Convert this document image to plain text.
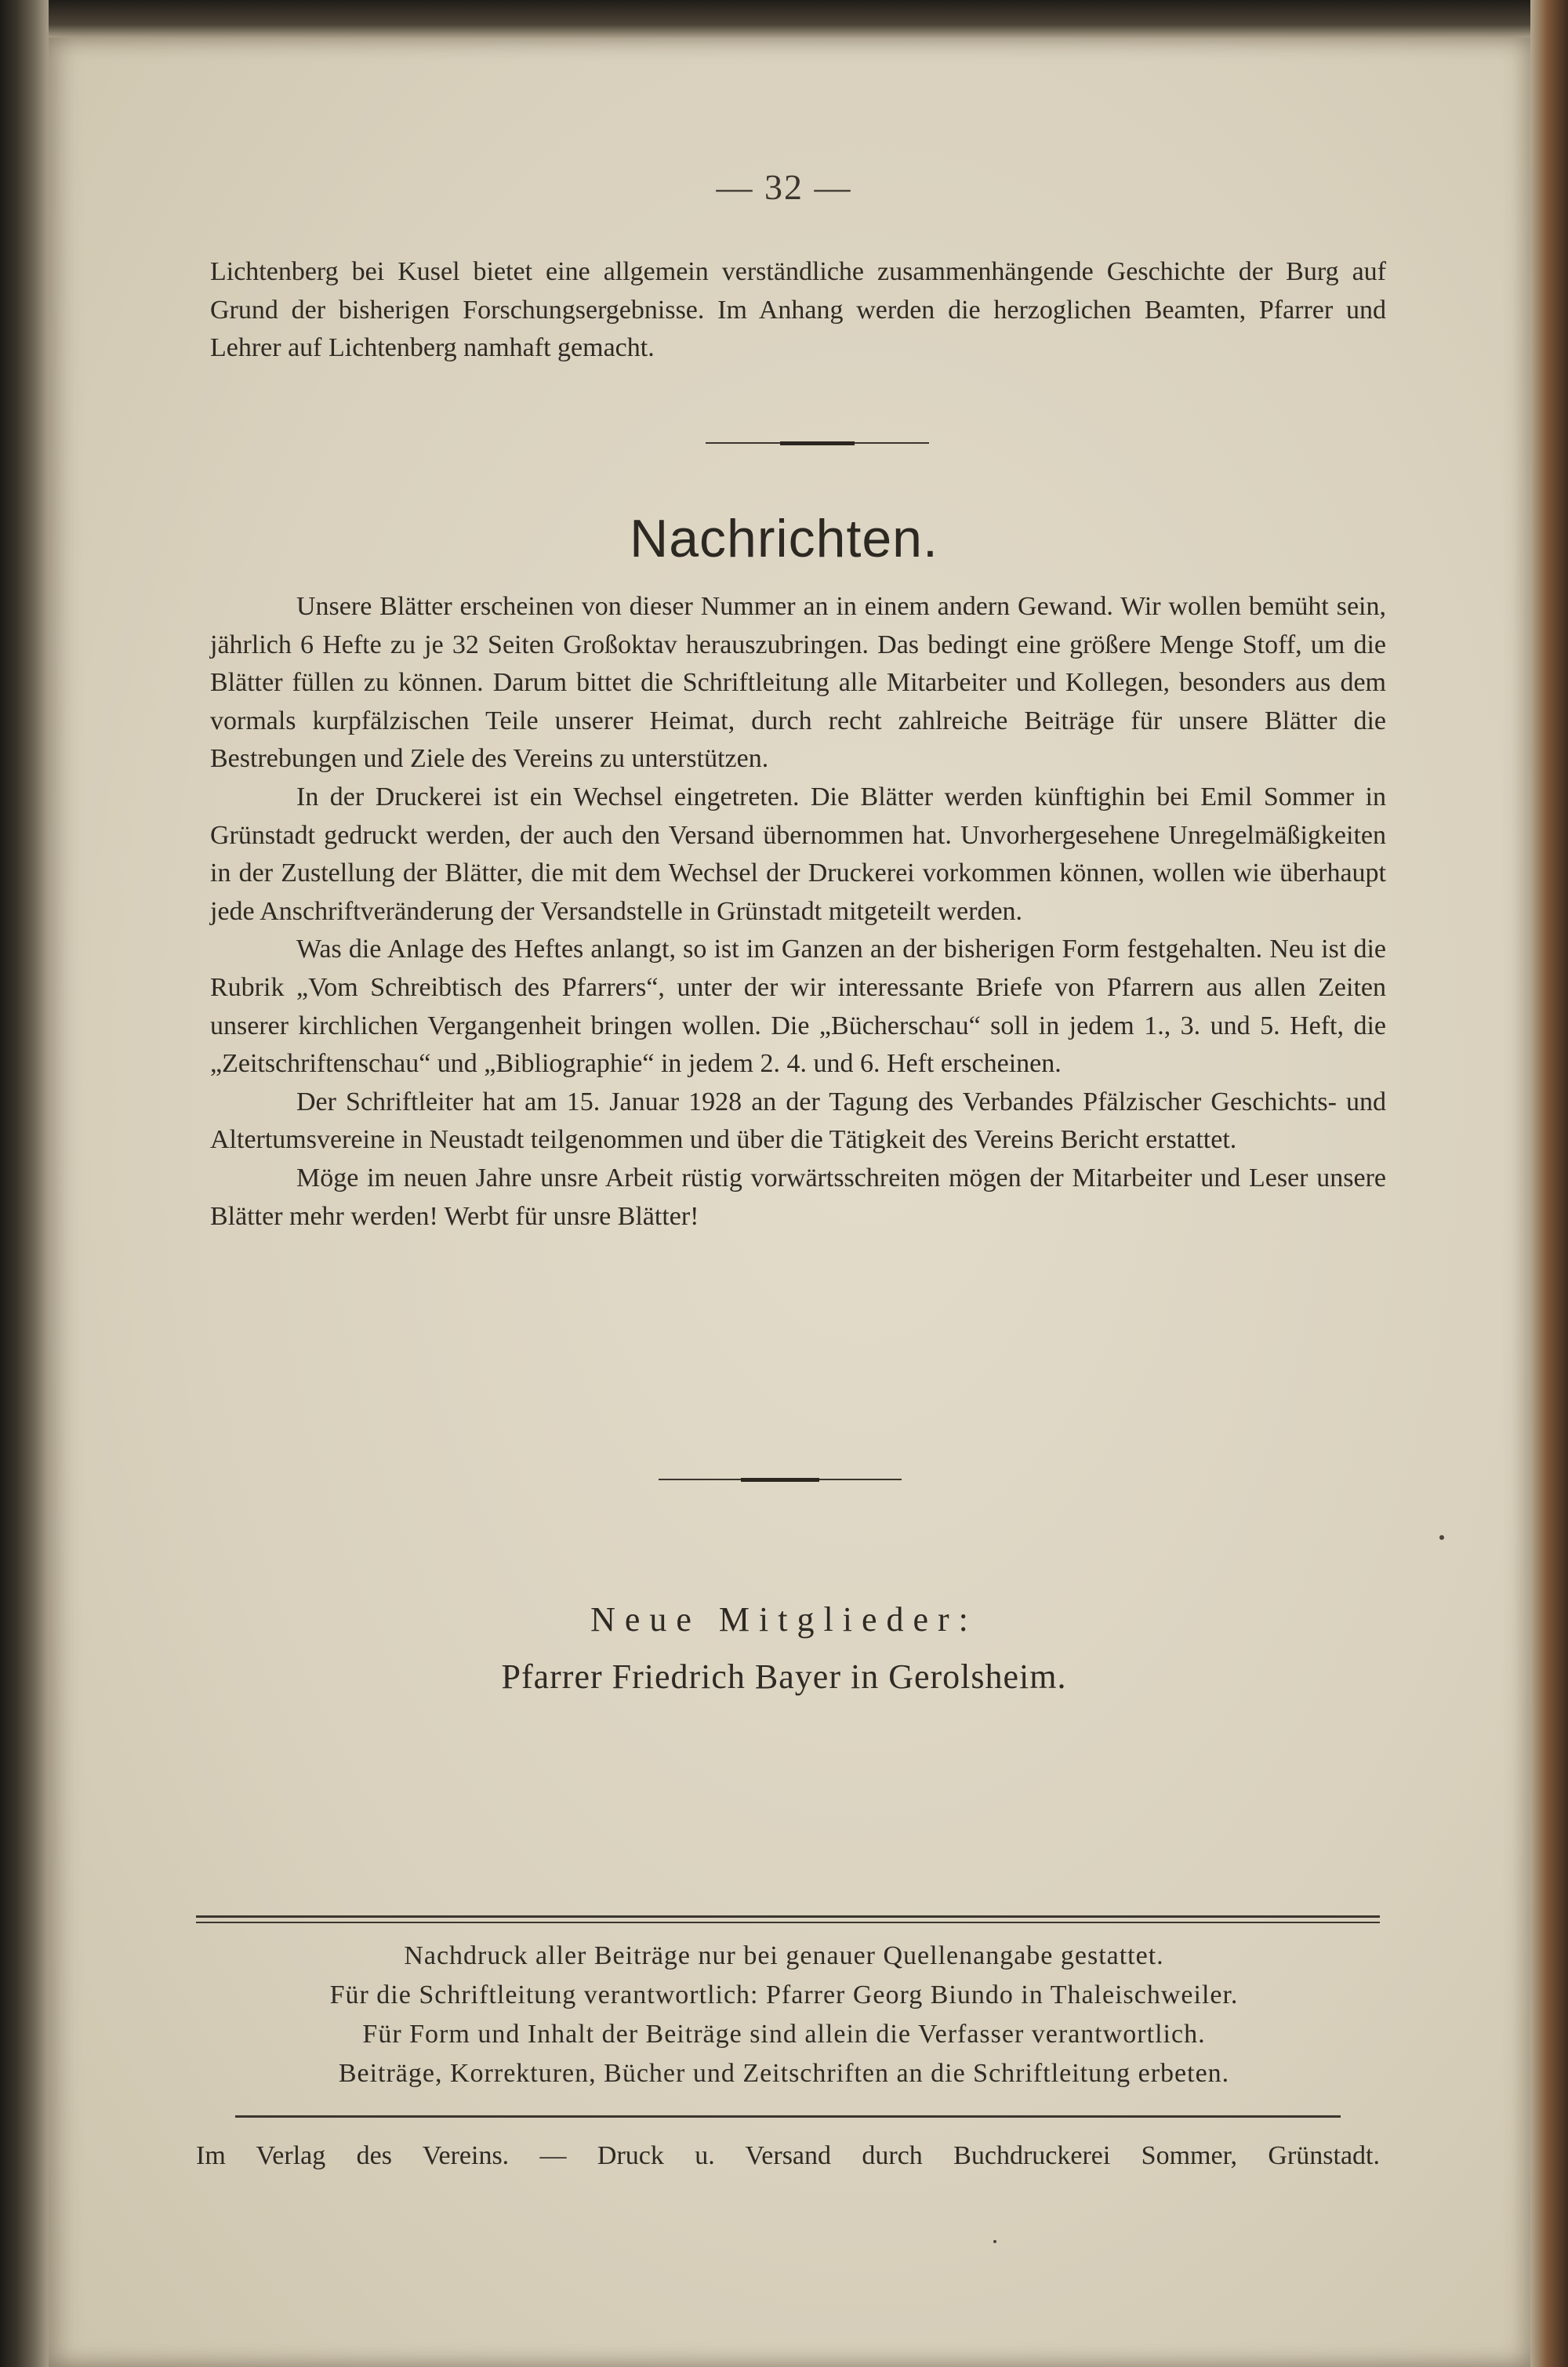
— 32 —

Lichtenberg bei Kusel bietet eine allgemein verständliche zusammenhängende Geschichte der Burg auf Grund der bisherigen Forschungsergebnisse. Im Anhang werden die herzoglichen Beamten, Pfarrer und Lehrer auf Lichtenberg namhaft gemacht.

Nachrichten.

Unsere Blätter erscheinen von dieser Nummer an in einem andern Gewand. Wir wollen bemüht sein, jährlich 6 Hefte zu je 32 Seiten Großoktav herauszubringen. Das bedingt eine größere Menge Stoff, um die Blätter füllen zu können. Darum bittet die Schriftleitung alle Mitarbeiter und Kollegen, besonders aus dem vormals kurpfälzischen Teile unserer Heimat, durch recht zahlreiche Beiträge für unsere Blätter die Bestrebungen und Ziele des Vereins zu unterstützen.

In der Druckerei ist ein Wechsel eingetreten. Die Blätter werden künftighin bei Emil Sommer in Grünstadt gedruckt werden, der auch den Versand übernommen hat. Unvorhergesehene Unregelmäßigkeiten in der Zustellung der Blätter, die mit dem Wechsel der Druckerei vorkommen können, wollen wie überhaupt jede Anschriftveränderung der Versandstelle in Grünstadt mitgeteilt werden.

Was die Anlage des Heftes anlangt, so ist im Ganzen an der bisherigen Form festgehalten. Neu ist die Rubrik „Vom Schreibtisch des Pfarrers“, unter der wir interessante Briefe von Pfarrern aus allen Zeiten unserer kirchlichen Vergangenheit bringen wollen. Die „Bücherschau“ soll in jedem 1., 3. und 5. Heft, die „Zeitschriftenschau“ und „Bibliographie“ in jedem 2. 4. und 6. Heft erscheinen.

Der Schriftleiter hat am 15. Januar 1928 an der Tagung des Verbandes Pfälzischer Geschichts- und Altertumsvereine in Neustadt teilgenommen und über die Tätigkeit des Vereins Bericht erstattet.

Möge im neuen Jahre unsre Arbeit rüstig vorwärtsschreiten mögen der Mitarbeiter und Leser unsere Blätter mehr werden! Werbt für unsre Blätter!

Neue Mitglieder:
Pfarrer Friedrich Bayer in Gerolsheim.
Nachdruck aller Beiträge nur bei genauer Quellenangabe gestattet.
Für die Schriftleitung verantwortlich: Pfarrer Georg Biundo in Thaleischweiler.
Für Form und Inhalt der Beiträge sind allein die Verfasser verantwortlich.
Beiträge, Korrekturen, Bücher und Zeitschriften an die Schriftleitung erbeten.
Im Verlag des Vereins. — Druck u. Versand durch Buchdruckerei Sommer, Grünstadt.
